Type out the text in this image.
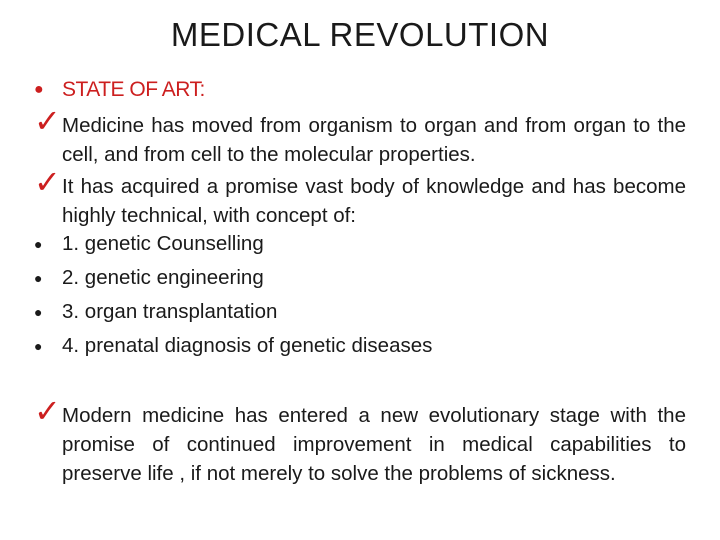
MEDICAL REVOLUTION
● STATE OF ART:
✓ Medicine has moved from organism to organ and from organ to the cell, and from cell to the molecular properties.
✓ It has acquired a promise vast body of knowledge and has become highly technical, with concept of:
● 1. genetic Counselling
● 2. genetic engineering
● 3. organ transplantation
● 4. prenatal diagnosis of genetic diseases
✓ Modern medicine has entered a new evolutionary stage with the promise of continued improvement in medical capabilities to preserve life , if not merely to solve the problems of sickness.
